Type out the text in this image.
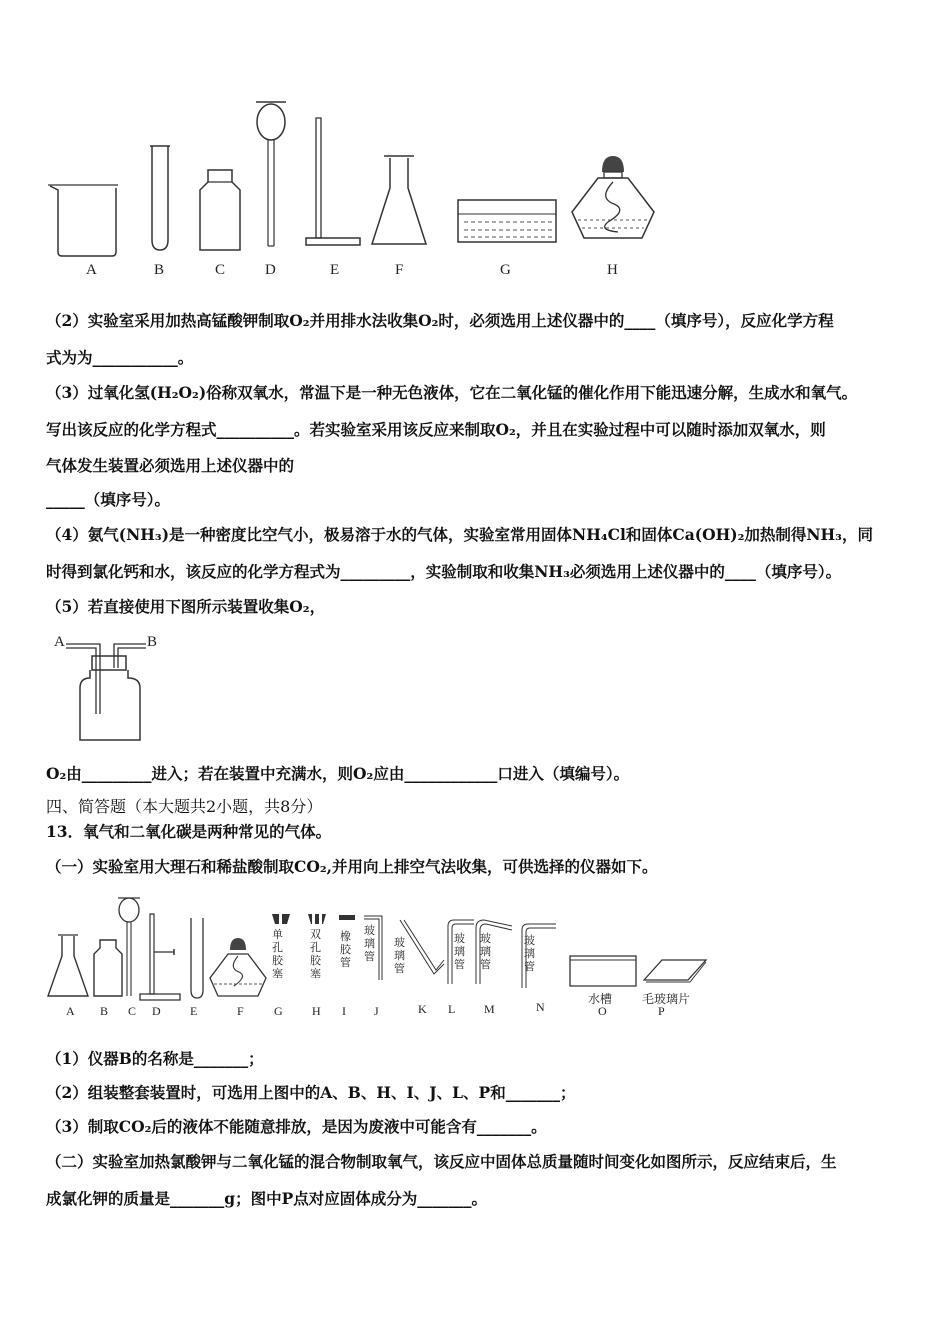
A	B	C	D	E	F	G	H
（2）实验室采用加热高锰酸钾制取O₂并用排水法收集O₂时，必须选用上述仪器中的____（填序号），反应化学方程
式为为___________。
（3）过氧化氢(H₂O₂)俗称双氧水，常温下是一种无色液体，它在二氧化锰的催化作用下能迅速分解，生成水和氧气。
写出该反应的化学方程式__________。若实验室采用该反应来制取O₂，并且在实验过程中可以随时添加双氧水，则
气体发生装置必须选用上述仪器中的
_____（填序号）。
（4）氨气(NH₃)是一种密度比空气小，极易溶于水的气体，实验室常用固体NH₄Cl和固体Ca(OH)₂加热制得NH₃，同
时得到氯化钙和水，该反应的化学方程式为_________，实验制取和收集NH₃必须选用上述仪器中的____（填序号）。
（5）若直接使用下图所示装置收集O₂，
A	B
O₂由_________进入；若在装置中充满水，则O₂应由____________口进入（填编号）。
四、简答题（本大题共2小题，共8分）
13．氧气和二氧化碳是两种常见的气体。
（一）实验室用大理石和稀盐酸制取CO₂,并用向上排空气法收集，可供选择的仪器如下。
单孔胶塞
双孔胶塞
橡胶管
玻璃管
玻璃管
玻璃管
玻璃管
玻璃管
水槽 毛玻璃片
A B C D E	F	G H I J	K L M	N	O	P
（1）仪器B的名称是_______；
（2）组装整套装置时，可选用上图中的A、B、H、I、J、L、P和_______；
（3）制取CO₂后的液体不能随意排放，是因为废液中可能含有_______。
（二）实验室加热氯酸钾与二氧化锰的混合物制取氧气，该反应中固体总质量随时间变化如图所示，反应结束后，生
成氯化钾的质量是_______g；图中P点对应固体成分为_______。
